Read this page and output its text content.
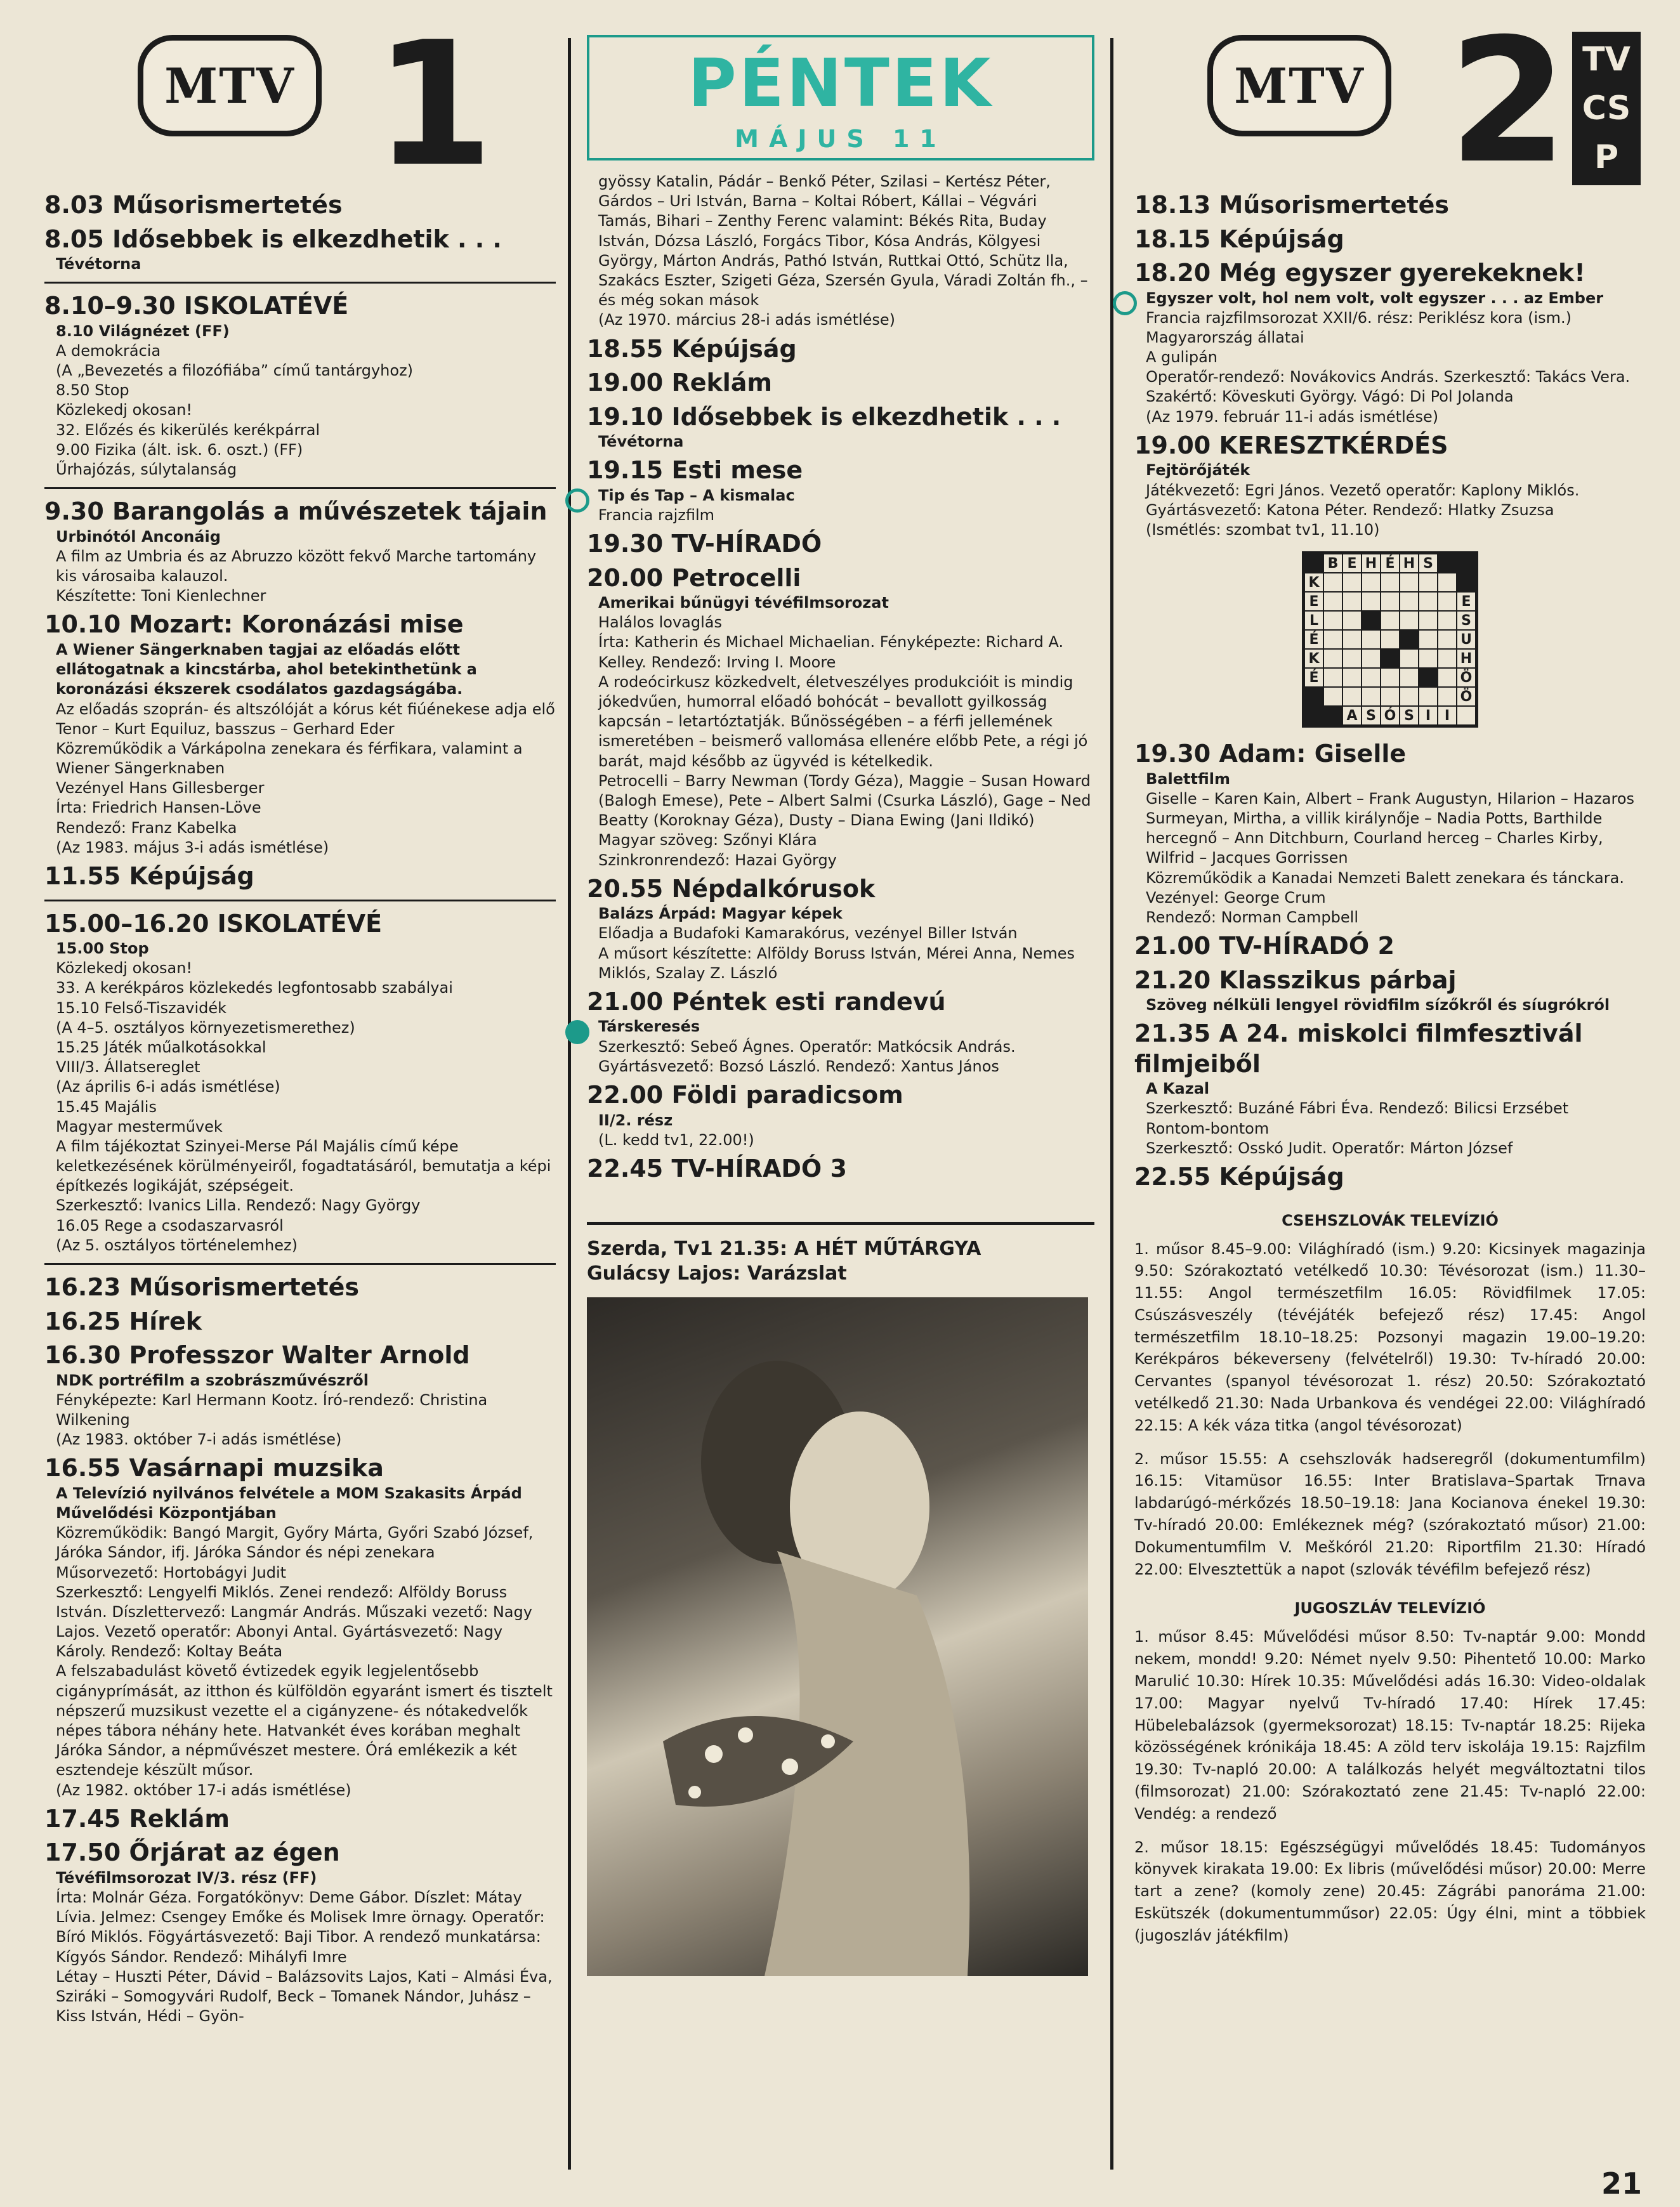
MTV 1
8.03 Műsorismertetés
8.05 Idősebbek is elkezdhetik . . .
Tévétorna
8.10–9.30 ISKOLATÉVÉ
8.10 Világnézet (FF)
A demokrácia
(A „Bevezetés a filozófiába” című tantárgyhoz)
8.50 Stop
Közlekedj okosan!
32. Előzés és kikerülés kerékpárral
9.00 Fizika (ált. isk. 6. oszt.) (FF)
Űrhajózás, súlytalanság
9.30 Barangolás a művészetek tájain
Urbinótól Anconáig
A film az Umbria és az Abruzzo között fekvő Marche tartomány kis városaiba kalauzol.
Készítette: Toni Kienlechner
10.10 Mozart: Koronázási mise
A Wiener Sängerknaben tagjai az előadás előtt ellátogatnak a kincstárba, ahol betekinthetünk a koronázási ékszerek csodálatos gazdagságába.
Az előadás szoprán- és altszólóját a kórus két fiúénekese adja elő
Tenor – Kurt Equiluz, basszus – Gerhard Eder
Közreműködik a Várkápolna zenekara és férfikara, valamint a Wiener Sängerknaben
Vezényel Hans Gillesberger
Írta: Friedrich Hansen-Löve
Rendező: Franz Kabelka
(Az 1983. május 3-i adás ismétlése)
11.55 Képújság
15.00–16.20 ISKOLATÉVÉ
15.00 Stop
Közlekedj okosan!
33. A kerékpáros közlekedés legfontosabb szabályai
15.10 Felső-Tiszavidék
(A 4–5. osztályos környezetismerethez)
15.25 Játék műalkotásokkal
VIII/3. Állatsereglet
(Az április 6-i adás ismétlése)
15.45 Majális
Magyar mesterművek
A film tájékoztat Szinyei-Merse Pál Majális című képe keletkezésének körülményeiről, fogadtatásáról, bemutatja a képi építkezés logikáját, szépségeit.
Szerkesztő: Ivanics Lilla. Rendező: Nagy György
16.05 Rege a csodaszarvasról
(Az 5. osztályos történelemhez)
16.23 Műsorismertetés
16.25 Hírek
16.30 Professzor Walter Arnold
NDK portréfilm a szobrászművészről
Fényképezte: Karl Hermann Kootz. Író-rendező: Christina Wilkening
(Az 1983. október 7-i adás ismétlése)
16.55 Vasárnapi muzsika
A Televízió nyilvános felvétele a MOM Szakasits Árpád Művelődési Központjában
Közreműködik: Bangó Margit, Győry Márta, Győri Szabó József, Járóka Sándor, ifj. Járóka Sándor és népi zenekara
Műsorvezető: Hortobágyi Judit
Szerkesztő: Lengyelfi Miklós. Zenei rendező: Alföldy Boruss István. Díszlettervező: Langmár András. Műszaki vezető: Nagy Lajos. Vezető operatőr: Abonyi Antal. Gyártásvezető: Nagy Károly. Rendező: Koltay Beáta
A felszabadulást követő évtizedek egyik legjelentősebb cigányprímását, az itthon és külföldön egyaránt ismert és tisztelt népszerű muzsikust vezette el a cigányzene- és nótakedvelők népes tábora néhány hete. Hatvankét éves korában meghalt Járóka Sándor, a népművészet mestere. Órá emlékezik a két esztendeje készült műsor.
(Az 1982. október 17-i adás ismétlése)
17.45 Reklám
17.50 Őrjárat az égen
Tévéfilmsorozat IV/3. rész (FF)
Írta: Molnár Géza. Forgatókönyv: Deme Gábor. Díszlet: Mátay Lívia. Jelmez: Csengey Emőke és Molisek Imre örnagy. Operatőr: Bíró Miklós. Fögyártásvezető: Baji Tibor. A rendező munkatársa: Kígyós Sándor. Rendező: Mihályfi Imre
Létay – Huszti Péter, Dávid – Balázsovits Lajos, Kati – Almási Éva, Sziráki – Somogyvári Rudolf, Beck – Tomanek Nándor, Juhász – Kiss István, Hédi – Gyön-
PÉNTEK
MÁJUS 11
gyössy Katalin, Pádár – Benkő Péter, Szilasi – Kertész Péter, Gárdos – Uri István, Barna – Koltai Róbert, Kállai – Végvári Tamás, Bihari – Zenthy Ferenc valamint: Békés Rita, Buday István, Dózsa László, Forgács Tibor, Kósa András, Kölgyesi György, Márton András, Pathó István, Ruttkai Ottó, Schütz Ila, Szakács Eszter, Szigeti Géza, Szersén Gyula, Váradi Zoltán fh., – és még sokan mások
(Az 1970. március 28-i adás ismétlése)
18.55 Képújság
19.00 Reklám
19.10 Idősebbek is elkezdhetik . . .
Tévétorna
19.15 Esti mese
Tip és Tap – A kismalac
Francia rajzfilm
19.30 TV-HÍRADÓ
20.00 Petrocelli
Amerikai bűnügyi tévéfilmsorozat
Halálos lovaglás
Írta: Katherin és Michael Michaelian. Fényképezte: Richard A. Kelley. Rendező: Irving I. Moore
A rodeócirkusz közkedvelt, életveszélyes produkcióit is mindig jókedvűen, humorral előadó bohócát – bevallott gyilkosság kapcsán – letartóztatják. Bűnösségében – a férfi jellemének ismeretében – beismerő vallomása ellenére előbb Pete, a régi jó barát, majd később az ügyvéd is kételkedik.
Petrocelli – Barry Newman (Tordy Géza), Maggie – Susan Howard (Balogh Emese), Pete – Albert Salmi (Csurka László), Gage – Ned Beatty (Koroknay Géza), Dusty – Diana Ewing (Jani Ildikó)
Magyar szöveg: Szőnyi Klára
Szinkronrendező: Hazai György
20.55 Népdalkórusok
Balázs Árpád: Magyar képek
Előadja a Budafoki Kamarakórus, vezényel Biller István
A műsort készítette: Alföldy Boruss István, Mérei Anna, Nemes Miklós, Szalay Z. László
21.00 Péntek esti randevú
Társkeresés
Szerkesztő: Sebeő Ágnes. Operatőr: Matkócsik András. Gyártásvezető: Bozsó László. Rendező: Xantus János
22.00 Földi paradicsom
II/2. rész
(L. kedd tv1, 22.00!)
22.45 TV-HÍRADÓ 3
Szerda, Tv1 21.35: A HÉT MŰTÁRGYA
Gulácsy Lajos: Varázslat
MTV 2 TV
CS
P
18.13 Műsorismertetés
18.15 Képújság
18.20 Még egyszer gyerekeknek!
Egyszer volt, hol nem volt, volt egyszer . . . az Ember
Francia rajzfilmsorozat XXII/6. rész: Periklész kora (ism.)
Magyarország állatai
A gulipán
Operatőr-rendező: Novákovics András. Szerkesztő: Takács Vera. Szakértő: Köveskuti György. Vágó: Di Pol Jolanda
(Az 1979. február 11-i adás ismétlése)
19.00 KERESZTKÉRDÉS
Fejtörőjáték
Játékvezető: Egri János. Vezető operatőr: Kaplony Miklós. Gyártásvezető: Katona Péter. Rendező: Hlatky Zsuzsa
(Ismétlés: szombat tv1, 11.10)
B E H É H S
K
E	E
L	S
É	U
K	H
É	Ö
Ö
A S Ó S I I
19.30 Adam: Giselle
Balettfilm
Giselle – Karen Kain, Albert – Frank Augustyn, Hilarion – Hazaros Surmeyan, Mirtha, a villik királynője – Nadia Potts, Barthilde hercegnő – Ann Ditchburn, Courland herceg – Charles Kirby, Wilfrid – Jacques Gorrissen
Közreműködik a Kanadai Nemzeti Balett zenekara és tánckara. Vezényel: George Crum
Rendező: Norman Campbell
21.00 TV-HÍRADÓ 2
21.20 Klasszikus párbaj
Szöveg nélküli lengyel rövidfilm sízőkről és síugrókról
21.35 A 24. miskolci filmfesztivál filmjeiből
A Kazal
Szerkesztő: Buzáné Fábri Éva. Rendező: Bilicsi Erzsébet
Rontom-bontom
Szerkesztő: Osskó Judit. Operatőr: Márton József
22.55 Képújság
CSEHSZLOVÁK TELEVÍZIÓ

1. műsor 8.45–9.00: Világhíradó (ism.) 9.20: Kicsinyek magazinja 9.50: Szórakoztató vetélkedő 10.30: Tévésorozat (ism.) 11.30–11.55: Angol természetfilm 16.05: Rövidfilmek 17.05: Csúszásveszély (tévéjáték befejező rész) 17.45: Angol természetfilm 18.10–18.25: Pozsonyi magazin 19.00–19.20: Kerékpáros békeverseny (felvételről) 19.30: Tv-híradó 20.00: Cervantes (spanyol tévésorozat 1. rész) 20.50: Szórakoztató vetélkedő 21.30: Nada Urbankova és vendégei 22.00: Világhíradó 22.15: A kék váza titka (angol tévésorozat)

2. műsor 15.55: A csehszlovák hadseregről (dokumentumfilm) 16.15: Vitamüsor 16.55: Inter Bratislava–Spartak Trnava labdarúgó-mérkőzés 18.50–19.18: Jana Kocianova énekel 19.30: Tv-híradó 20.00: Emlékeznek még? (szórakoztató műsor) 21.00: Dokumentumfilm V. Meškóról 21.20: Riportfilm 21.30: Híradó 22.00: Elvesztettük a napot (szlovák tévéfilm befejező rész)

JUGOSZLÁV TELEVÍZIÓ

1. műsor 8.45: Művelődési műsor 8.50: Tv-naptár 9.00: Mondd nekem, mondd! 9.20: Német nyelv 9.50: Pihentető 10.00: Marko Marulić 10.30: Hírek 10.35: Művelődési adás 16.30: Video-oldalak 17.00: Magyar nyelvű Tv-híradó 17.40: Hírek 17.45: Hübelebalázsok (gyermeksorozat) 18.15: Tv-naptár 18.25: Rijeka közösségének krónikája 18.45: A zöld terv iskolája 19.15: Rajzfilm 19.30: Tv-napló 20.00: A találkozás helyét megváltoztatni tilos (filmsorozat) 21.00: Szórakoztató zene 21.45: Tv-napló 22.00: Vendég: a rendező

2. műsor 18.15: Egészségügyi művelődés 18.45: Tudományos könyvek kirakata 19.00: Ex libris (művelődési műsor) 20.00: Merre tart a zene? (komoly zene) 20.45: Zágrábi panoráma 21.00: Eskütszék (dokumentumműsor) 22.05: Úgy élni, mint a többiek (jugoszláv játékfilm)

21
